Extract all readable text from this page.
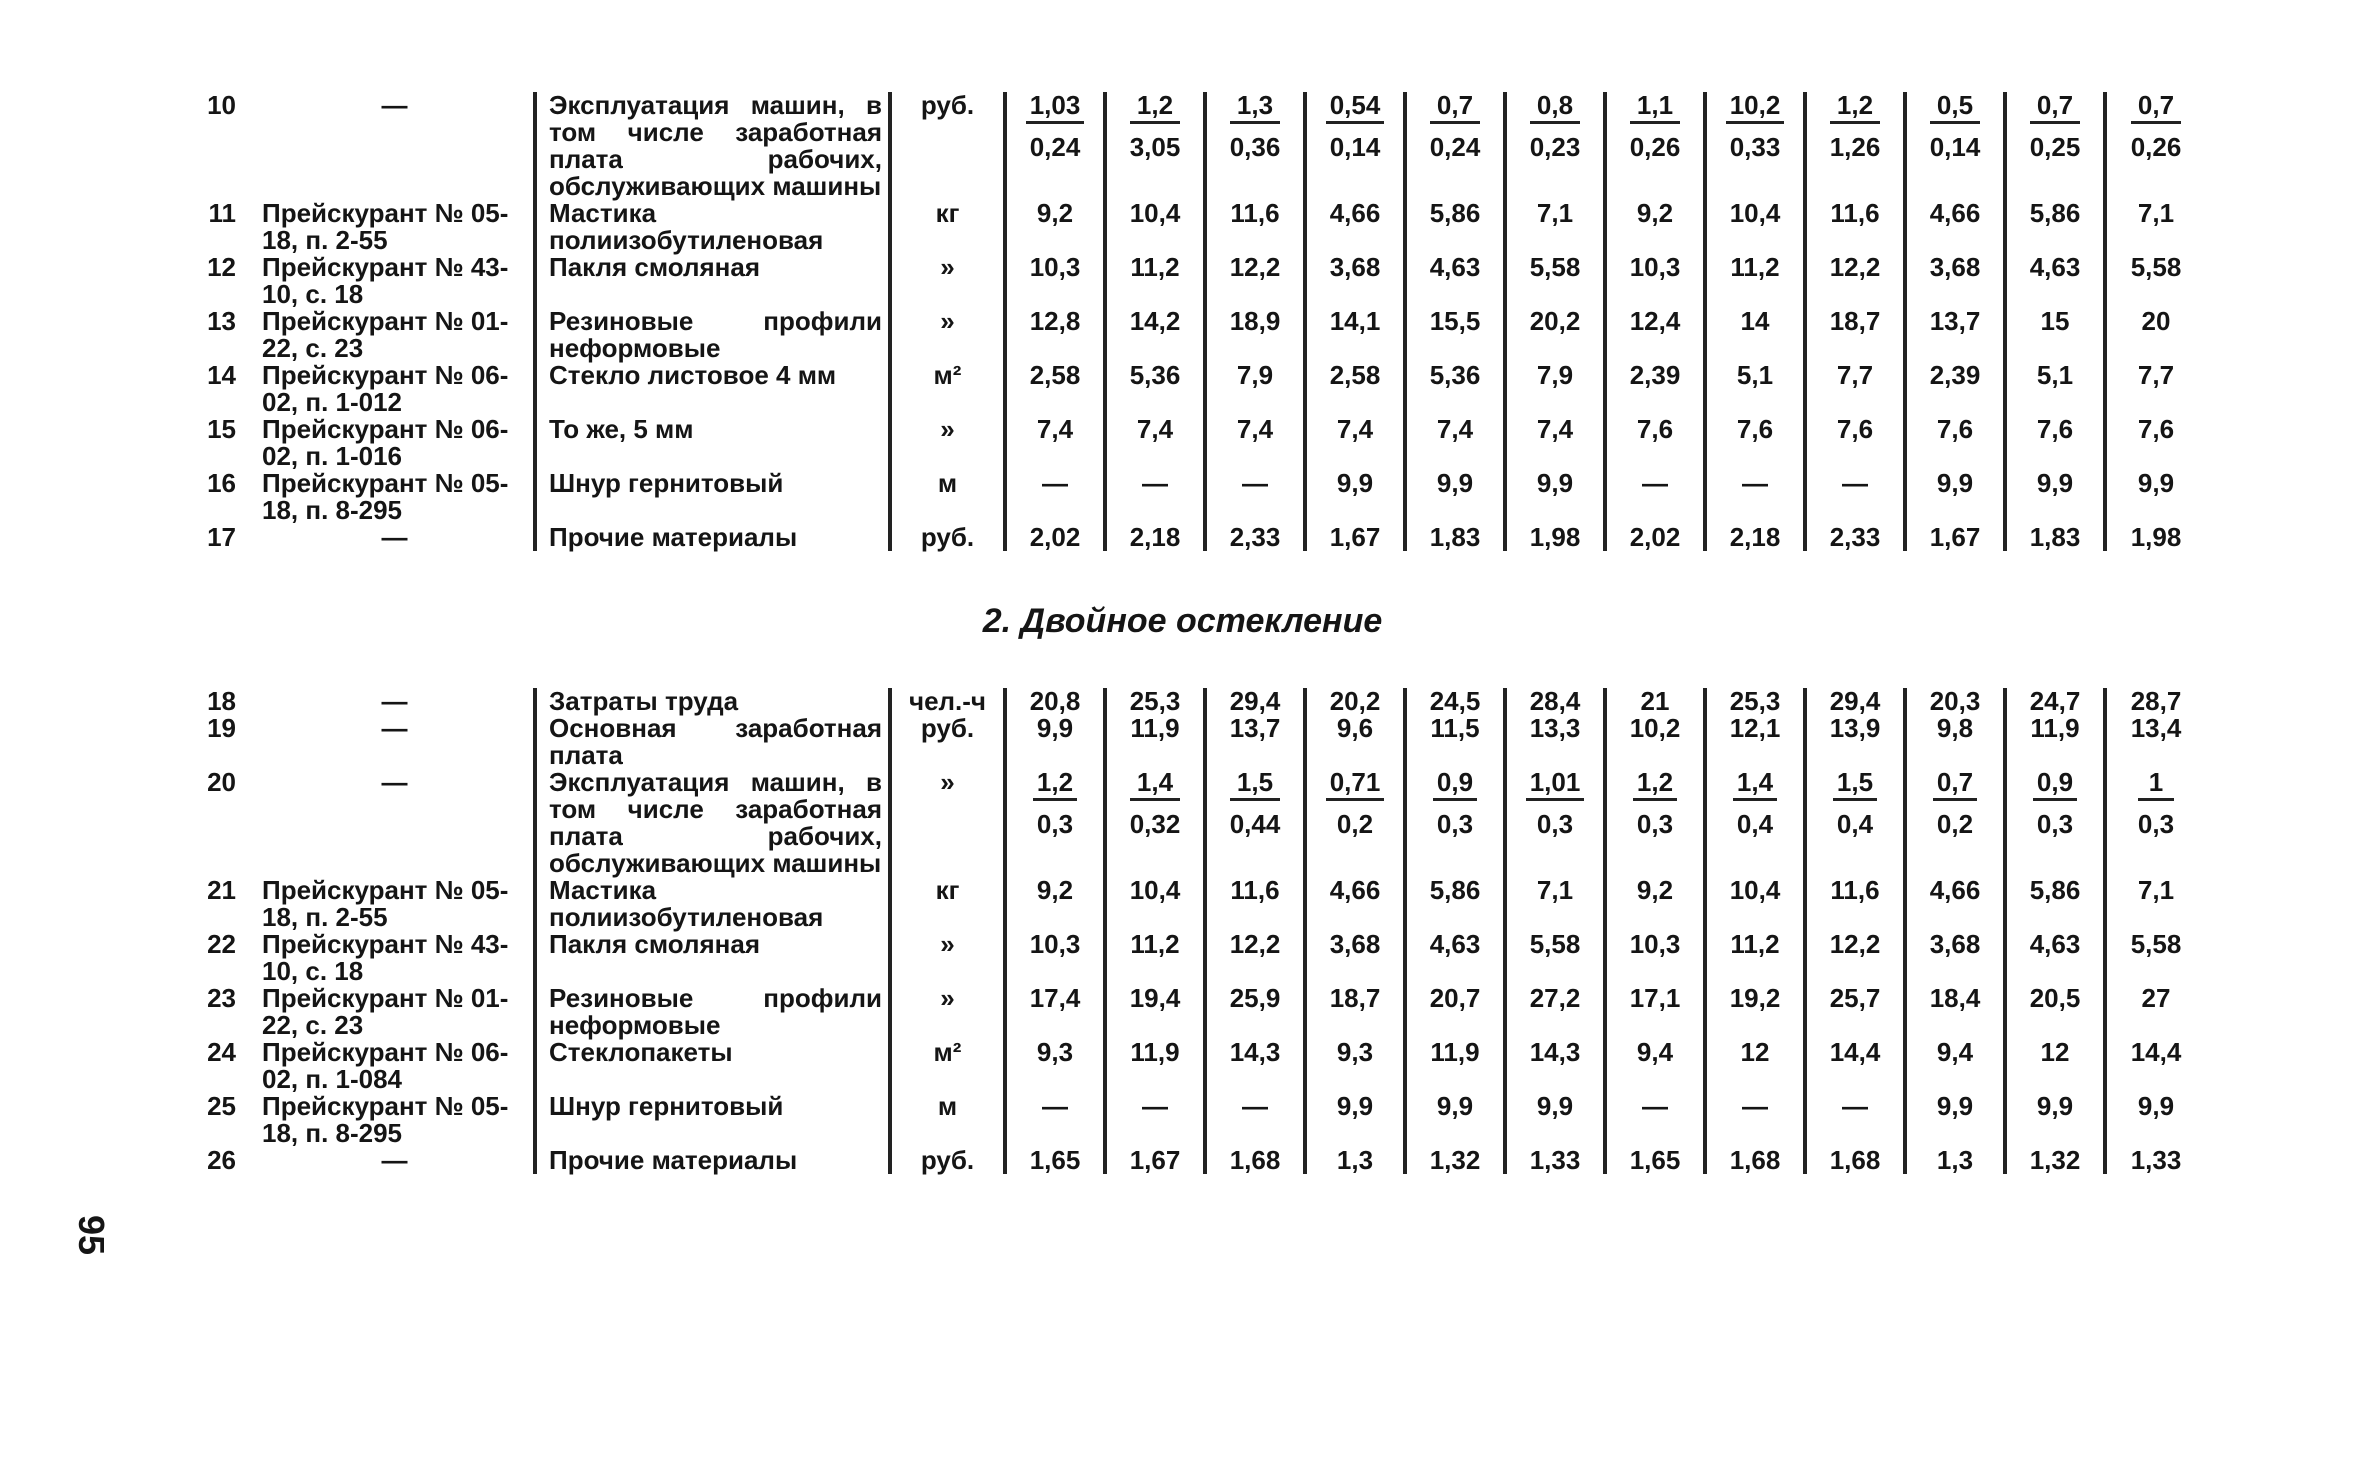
10	—	Эксплуатация машин, в том числе заработная плата рабочих, обслуживающих машины	руб.	$\frac{1,03}{0,24}$	$\frac{1,2}{3,05}$	$\frac{1,3}{0,36}$	$\frac{0,54}{0,14}$	$\frac{0,7}{0,24}$	$\frac{0,8}{0,23}$	$\frac{1,1}{0,26}$	$\frac{10,2}{0,33}$	$\frac{1,2}{1,26}$	$\frac{0,5}{0,14}$	$\frac{0,7}{0,25}$	$\frac{0,7}{0,26}$

11	Прейскурант № 05-18, п. 2-55	Мастика полиизобутиленовая	кг	9,2	10,4	11,6	4,66	5,86	7,1	9,2	10,4	11,6	4,66	5,86	7,1
12	Прейскурант № 43-10, с. 18	Пакля смоляная	»	10,3	11,2	12,2	3,68	4,63	5,58	10,3	11,2	12,2	3,68	4,63	5,58
13	Прейскурант № 01-22, с. 23	Резиновые профили неформовые	»	12,8	14,2	18,9	14,1	15,5	20,2	12,4	14	18,7	13,7	15	20
14	Прейскурант № 06-02, п. 1-012	Стекло листовое 4 мм	м²	2,58	5,36	7,9	2,58	5,36	7,9	2,39	5,1	7,7	2,39	5,1	7,7
15	Прейскурант № 06-02, п. 1-016	То же, 5 мм	»	7,4	7,4	7,4	7,4	7,4	7,4	7,6	7,6	7,6	7,6	7,6	7,6
16	Прейскурант № 05-18, п. 8-295	Шнур гернитовый	м	—	—	—	9,9	9,9	9,9	—	—	—	9,9	9,9	9,9
17	—	Прочие материалы	руб.	2,02	2,18	2,33	1,67	1,83	1,98	2,02	2,18	2,33	1,67	1,83	1,98
2. Двойное остекление
18	—	Затраты труда	чел.-ч	20,8	25,3	29,4	20,2	24,5	28,4	21	25,3	29,4	20,3	24,7	28,7
19	—	Основная заработная плата	руб.	9,9	11,9	13,7	9,6	11,5	13,3	10,2	12,1	13,9	9,8	11,9	13,4
20	—	Эксплуатация машин, в том числе заработная плата рабочих, обслуживающих машины	»	$\frac{1,2}{0,3}$	$\frac{1,4}{0,32}$	$\frac{1,5}{0,44}$	$\frac{0,71}{0,2}$	$\frac{0,9}{0,3}$	$\frac{1,01}{0,3}$	$\frac{1,2}{0,3}$	$\frac{1,4}{0,4}$	$\frac{1,5}{0,4}$	$\frac{0,7}{0,2}$	$\frac{0,9}{0,3}$	$\frac{1}{0,3}$

21	Прейскурант № 05-18, п. 2-55	Мастика полиизобутиленовая	кг	9,2	10,4	11,6	4,66	5,86	7,1	9,2	10,4	11,6	4,66	5,86	7,1
22	Прейскурант № 43-10, с. 18	Пакля смоляная	»	10,3	11,2	12,2	3,68	4,63	5,58	10,3	11,2	12,2	3,68	4,63	5,58
23	Прейскурант № 01-22, с. 23	Резиновые профили неформовые	»	17,4	19,4	25,9	18,7	20,7	27,2	17,1	19,2	25,7	18,4	20,5	27
24	Прейскурант № 06-02, п. 1-084	Стеклопакеты	м²	9,3	11,9	14,3	9,3	11,9	14,3	9,4	12	14,4	9,4	12	14,4
25	Прейскурант № 05-18, п. 8-295	Шнур гернитовый	м	—	—	—	9,9	9,9	9,9	—	—	—	9,9	9,9	9,9
26	—	Прочие материалы	руб.	1,65	1,67	1,68	1,3	1,32	1,33	1,65	1,68	1,68	1,3	1,32	1,33
95
